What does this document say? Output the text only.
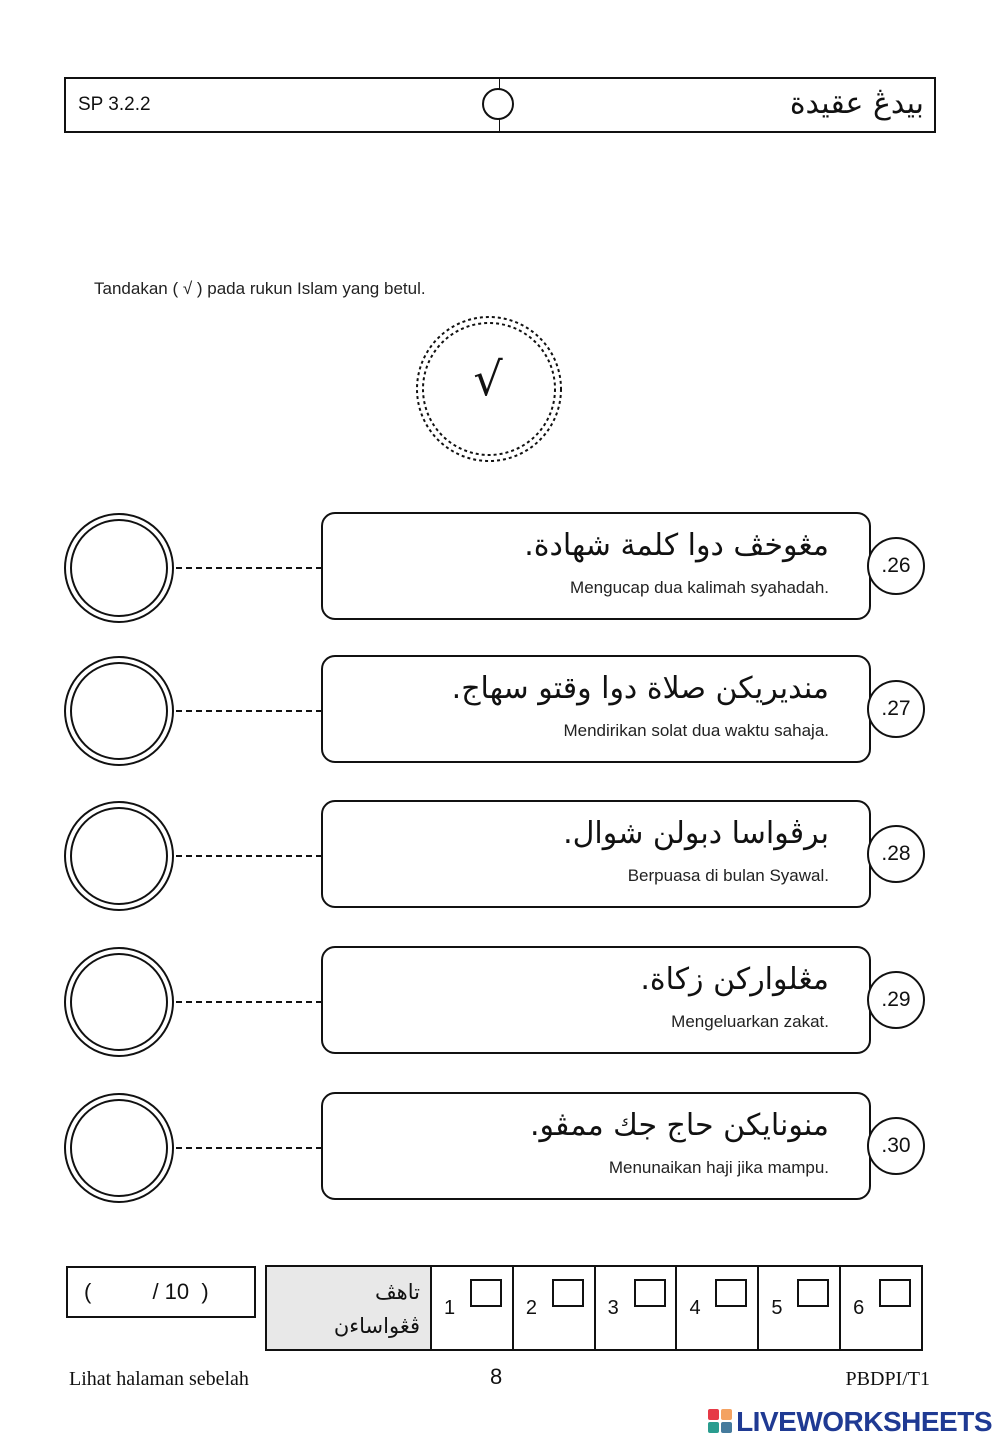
SP 3.2.2	بيدڠ عقيدة
Tandakan ( √ ) pada rukun Islam yang betul.
√
مڠوخڤ دوا كلمة شهادة.
Mengucap dua kalimah syahadah.
.26
منديريكن صلاة دوا وقتو سهاج.
Mendirikan solat dua waktu sahaja.
.27
برڤواسا دبولن شوال.
Berpuasa di bulan Syawal.
.28
مڠلواركن زكاة.
Mengeluarkan zakat.
.29
منونايكن حاج جك ممڤو.
Menunaikan haji jika mampu.
.30
(          / 10  )	تاهڤ
ڤڠواساءن
1	2	3	4	5	6
Lihat halaman sebelah	8	PBDPI/T1
LIVEWORKSHEETS
